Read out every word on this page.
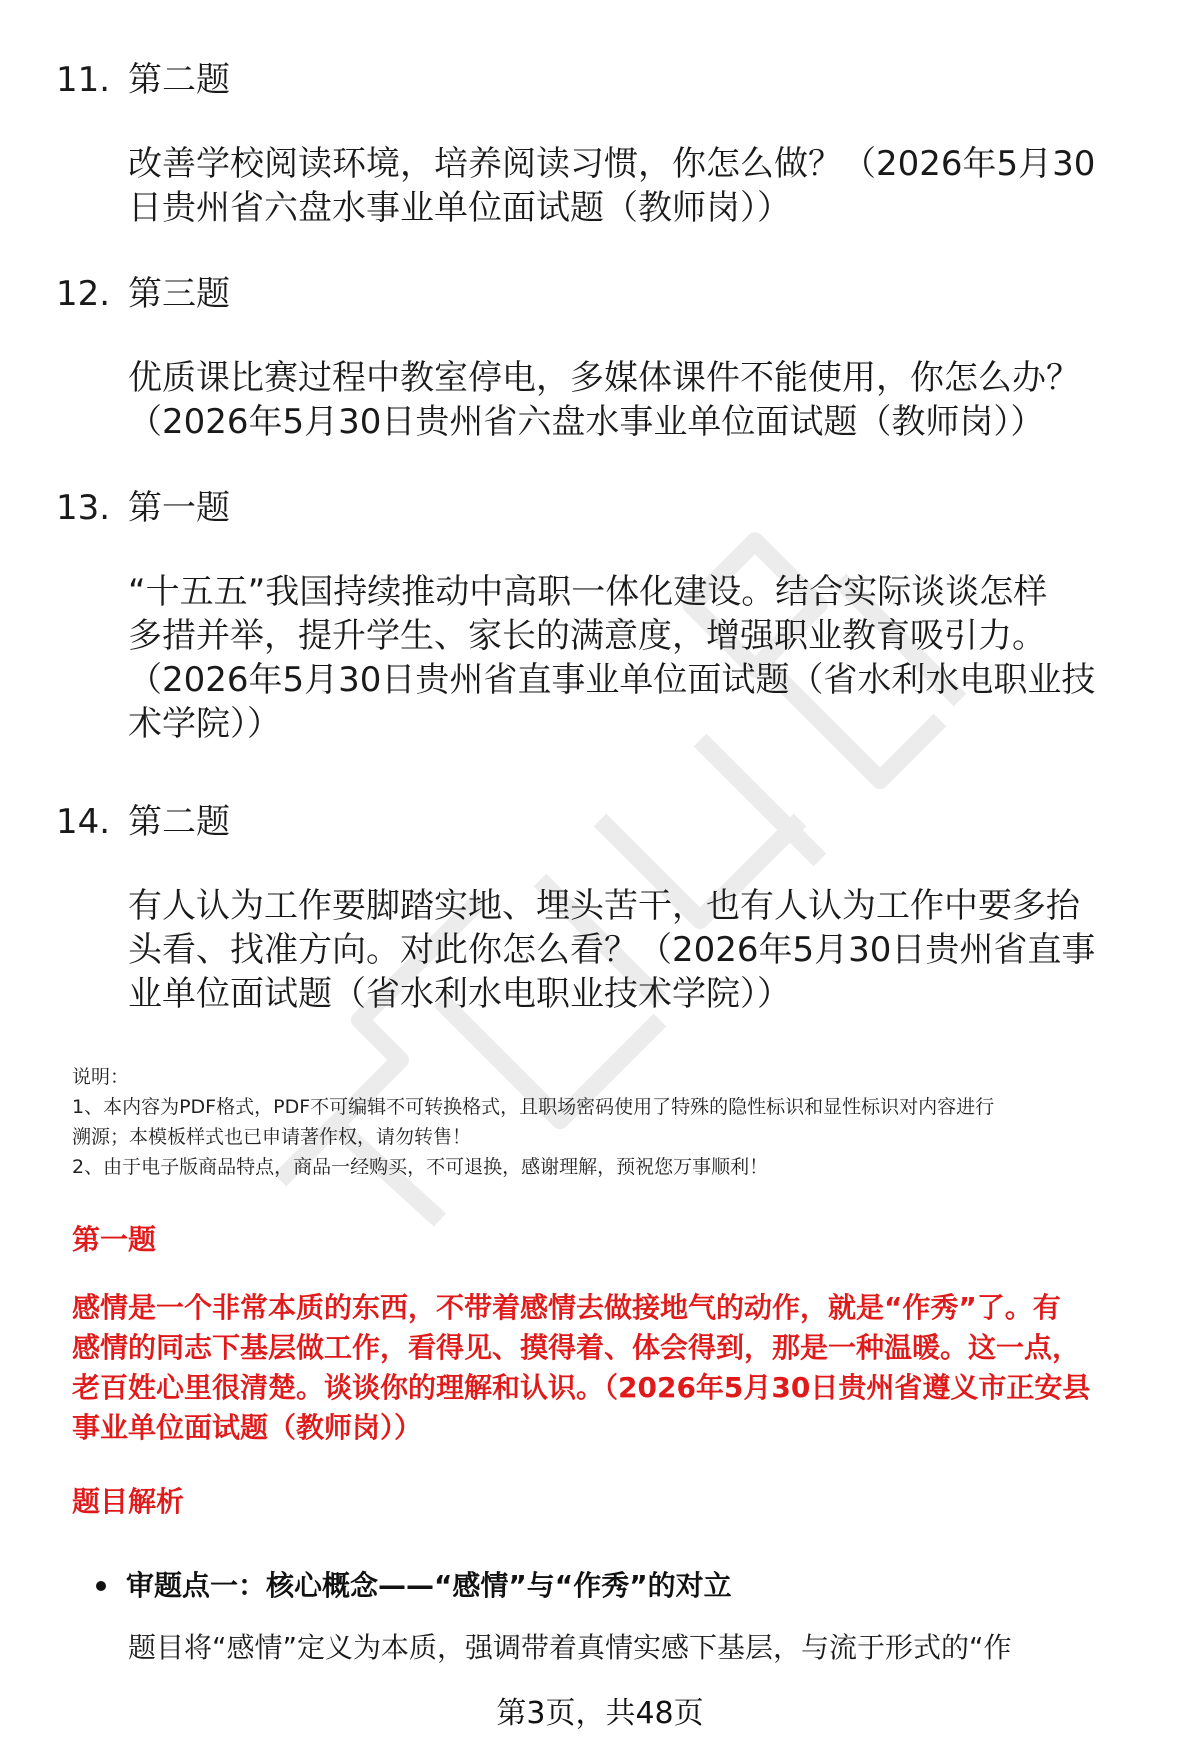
11. 第二题

改善学校阅读环境，培养阅读习惯，你怎么做？（2026年5月30

日贵州省六盘水事业单位面试题（教师岗））

12. 第三题

优质课比赛过程中教室停电，多媒体课件不能使用，你怎么办？

（2026年5月30日贵州省六盘水事业单位面试题（教师岗））

13. 第一题

“十五五”我国持续推动中高职一体化建设。结合实际谈谈怎样

多措并举，提升学生、家长的满意度，增强职业教育吸引力。

（2026年5月30日贵州省直事业单位面试题（省水利水电职业技

术学院））

14. 第二题

有人认为工作要脚踏实地、埋头苦干，也有人认为工作中要多抬

头看、找准方向。对此你怎么看？（2026年5月30日贵州省直事

业单位面试题（省水利水电职业技术学院））

说明：

1、本内容为PDF格式，PDF不可编辑不可转换格式，且职场密码使用了特殊的隐性标识和显性标识对内容进行

溯源；本模板样式也已申请著作权，请勿转售！

2、由于电子版商品特点，商品一经购买，不可退换，感谢理解，预祝您万事顺利！

第一题
感情是一个非常本质的东西，不带着感情去做接地气的动作，就是“作秀”了。有
感情的同志下基层做工作，看得见、摸得着、体会得到，那是一种温暖。这一点，
老百姓心里很清楚。谈谈你的理解和认识。（2026年5月30日贵州省遵义市正安县
事业单位面试题（教师岗））
题目解析
审题点一：核心概念——“感情”与“作秀”的对立
题目将“感情”定义为本质，强调带着真情实感下基层，与流于形式的“作
第3页，共48页
